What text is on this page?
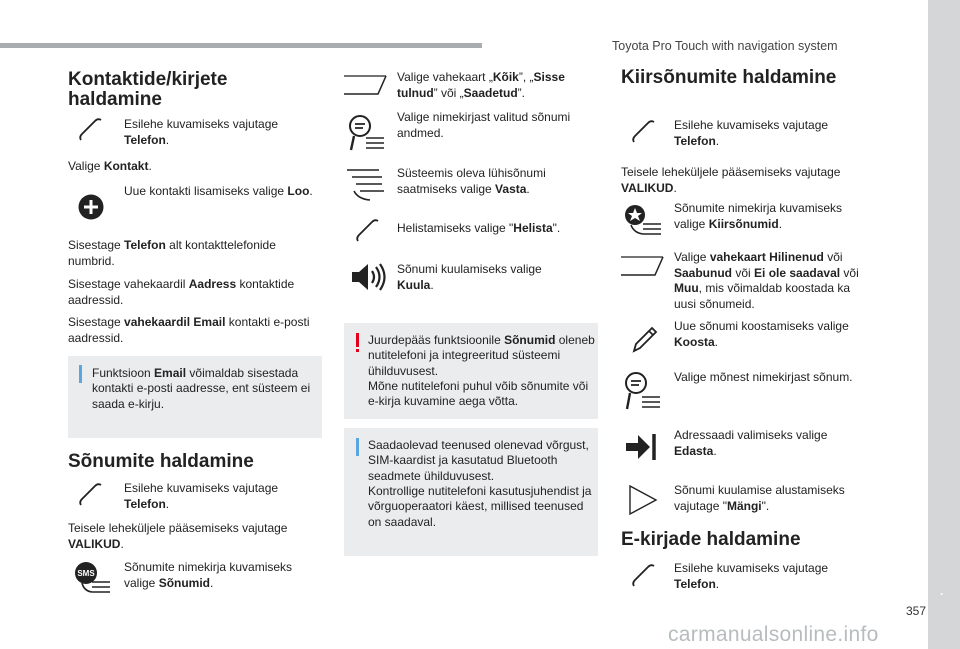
Toyota Pro Touch with navigation system
.
357
carmanualsonline.info
Kontaktide/kirjete
haldamine

Esilehe kuvamiseks vajutage
Telefon.

Valige Kontakt.

Uue kontakti lisamiseks valige Loo.

Sisestage Telefon alt kontakttelefonide numbrid.

Sisestage vahekaardil Aadress kontaktide aadressid.

Sisestage vahekaardil Email kontakti e-posti aadressid.

Funktsioon Email võimaldab sisestada kontakti e-posti aadresse, ent süsteem ei saada e-kirju.

Sõnumite haldamine

Esilehe kuvamiseks vajutage
Telefon.

Teisele leheküljele pääsemiseks vajutage VALIKUD.

SMS Sõnumite nimekirja kuvamiseks valige Sõnumid.

Valige vahekaart „Kõik”, „Sisse tulnud” või „Saadetud”.

Valige nimekirjast valitud sõnumi andmed.

Süsteemis oleva lühisõnumi saatmiseks valige Vasta.

Helistamiseks valige "Helista".

Sõnumi kuulamiseks valige Kuula.

Juurdepääs funktsioonile Sõnumid oleneb nutitelefoni ja integreeritud süsteemi ühilduvusest.
Mõne nutitelefoni puhul võib sõnumite või e-kirja kuvamine aega võtta.

Saadaolevad teenused olenevad võrgust, SIM-kaardist ja kasutatud Bluetooth seadmete ühilduvusest.
Kontrollige nutitelefoni kasutusjuhendist ja võrguoperaatori käest, millised teenused on saadaval.

Kiirsõnumite haldamine

Esilehe kuvamiseks vajutage
Telefon.

Teisele leheküljele pääsemiseks vajutage VALIKUD.

Sõnumite nimekirja kuvamiseks valige Kiirsõnumid.

Valige vahekaart Hilinenud või Saabunud või Ei ole saadaval või Muu, mis võimaldab koostada ka uusi sõnumeid.

Uue sõnumi koostamiseks valige Koosta.

Valige mõnest nimekirjast sõnum.

Adressaadi valimiseks valige Edasta.

Sõnumi kuulamise alustamiseks vajutage "Mängi".

E-kirjade haldamine

Esilehe kuvamiseks vajutage
Telefon.
